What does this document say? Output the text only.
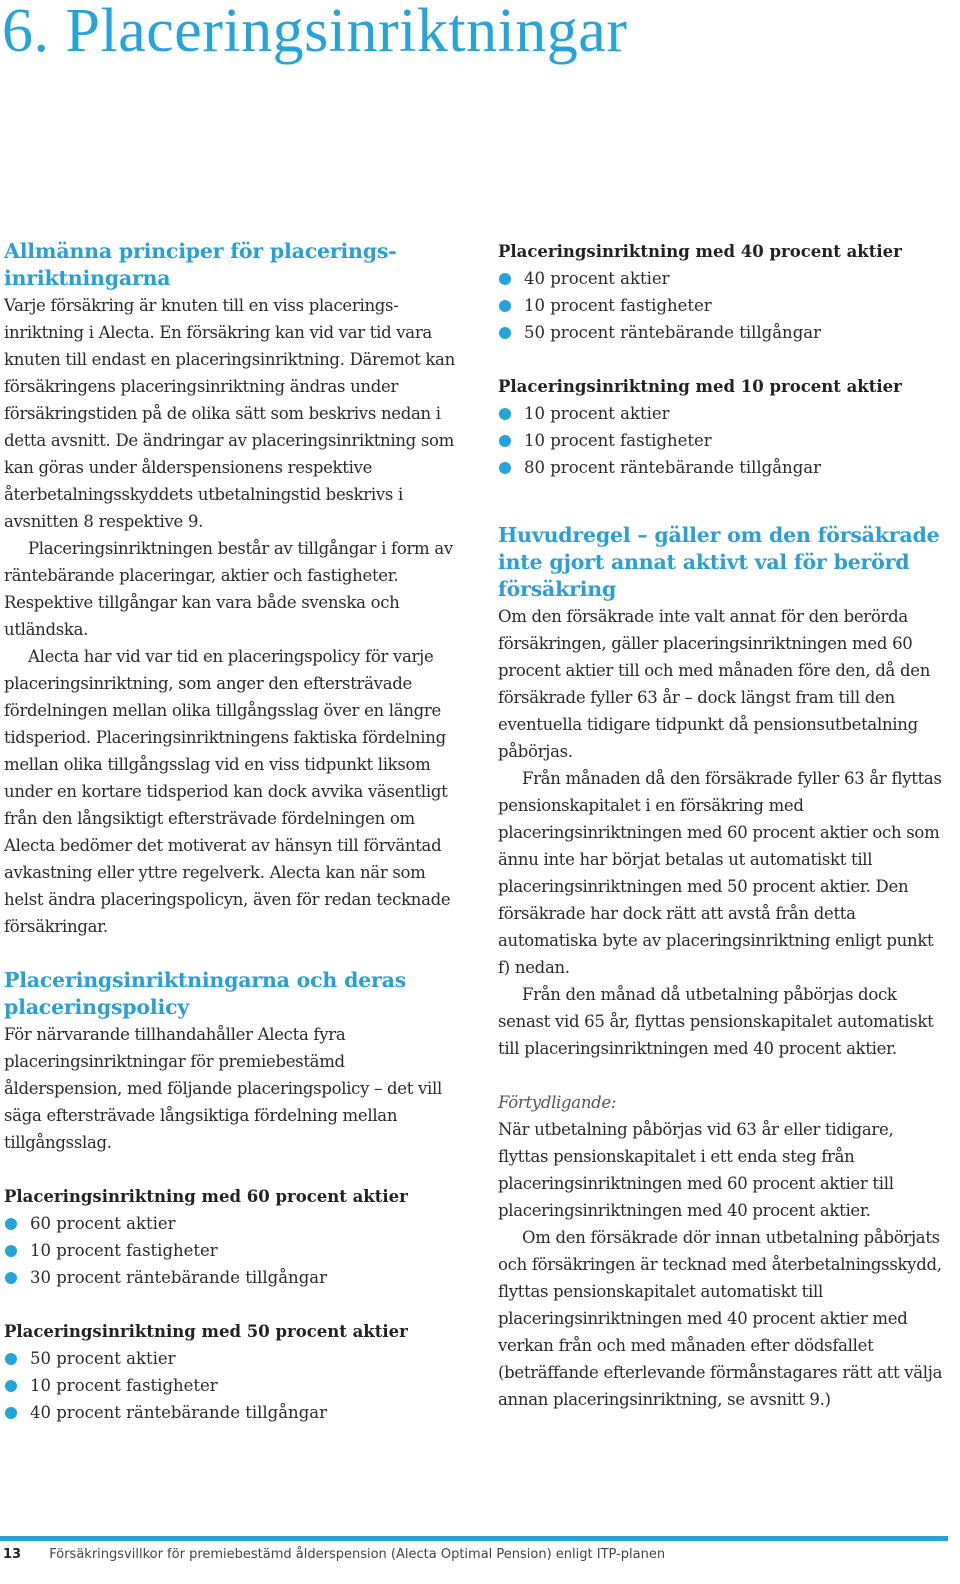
6. Placeringsinriktningar
Allmänna principer för placerings-inriktningarna

Varje försäkring är knuten till en viss placerings-inriktning i Alecta. En försäkring kan vid var tid vara knuten till endast en placeringsinriktning. Däremot kan försäkringens placeringsinriktning ändras under försäkringstiden på de olika sätt som beskrivs nedan i detta avsnitt. De ändringar av placeringsinriktning som kan göras under ålderspensionens respektive återbetalningsskyddets utbetalningstid beskrivs i avsnitten 8 respektive 9.

Placeringsinriktningen består av tillgångar i form av räntebärande placeringar, aktier och fastigheter. Respektive tillgångar kan vara både svenska och utländska.

Alecta har vid var tid en placeringspolicy för varje placeringsinriktning, som anger den eftersträvade fördelningen mellan olika tillgångsslag över en längre tidsperiod. Placeringsinriktningens faktiska fördelning mellan olika tillgångsslag vid en viss tidpunkt liksom under en kortare tidsperiod kan dock avvika väsentligt från den långsiktigt eftersträvade fördelningen om Alecta bedömer det motiverat av hänsyn till förväntad avkastning eller yttre regelverk. Alecta kan när som helst ändra placeringspolicyn, även för redan tecknade försäkringar.

Placeringsinriktningarna och deras placeringspolicy

För närvarande tillhandahåller Alecta fyra placeringsinriktningar för premiebestämd ålderspension, med följande placeringspolicy – det vill säga eftersträvade långsiktiga fördelning mellan tillgångsslag.

Placeringsinriktning med 60 procent aktier
60 procent aktier
10 procent fastigheter
30 procent räntebärande tillgångar
Placeringsinriktning med 50 procent aktier
50 procent aktier
10 procent fastigheter
40 procent räntebärande tillgångar
Placeringsinriktning med 40 procent aktier
40 procent aktier
10 procent fastigheter
50 procent räntebärande tillgångar
Placeringsinriktning med 10 procent aktier
10 procent aktier
10 procent fastigheter
80 procent räntebärande tillgångar
Huvudregel – gäller om den försäkrade inte gjort annat aktivt val för berörd försäkring

Om den försäkrade inte valt annat för den berörda försäkringen, gäller placeringsinriktningen med 60 procent aktier till och med månaden före den, då den försäkrade fyller 63 år – dock längst fram till den eventuella tidigare tidpunkt då pensionsutbetalning påbörjas.

Från månaden då den försäkrade fyller 63 år flyttas pensionskapitalet i en försäkring med placeringsinriktningen med 60 procent aktier och som ännu inte har börjat betalas ut automatiskt till placeringsinriktningen med 50 procent aktier. Den försäkrade har dock rätt att avstå från detta automatiska byte av placeringsinriktning enligt punkt f) nedan.

Från den månad då utbetalning påbörjas dock senast vid 65 år, flyttas pensionskapitalet automatiskt till placeringsinriktningen med 40 procent aktier.

Förtydligande:

När utbetalning påbörjas vid 63 år eller tidigare, flyttas pensionskapitalet i ett enda steg från placeringsinriktningen med 60 procent aktier till placeringsinriktningen med 40 procent aktier.

Om den försäkrade dör innan utbetalning påbörjats och försäkringen är tecknad med återbetalningsskydd, flyttas pensionskapitalet automatiskt till placeringsinriktningen med 40 procent aktier med verkan från och med månaden efter dödsfallet (beträffande efterlevande förmånstagares rätt att välja annan placeringsinriktning, se avsnitt 9.)

13 Försäkringsvillkor för premiebestämd ålderspension (Alecta Optimal Pension) enligt ITP-planen
